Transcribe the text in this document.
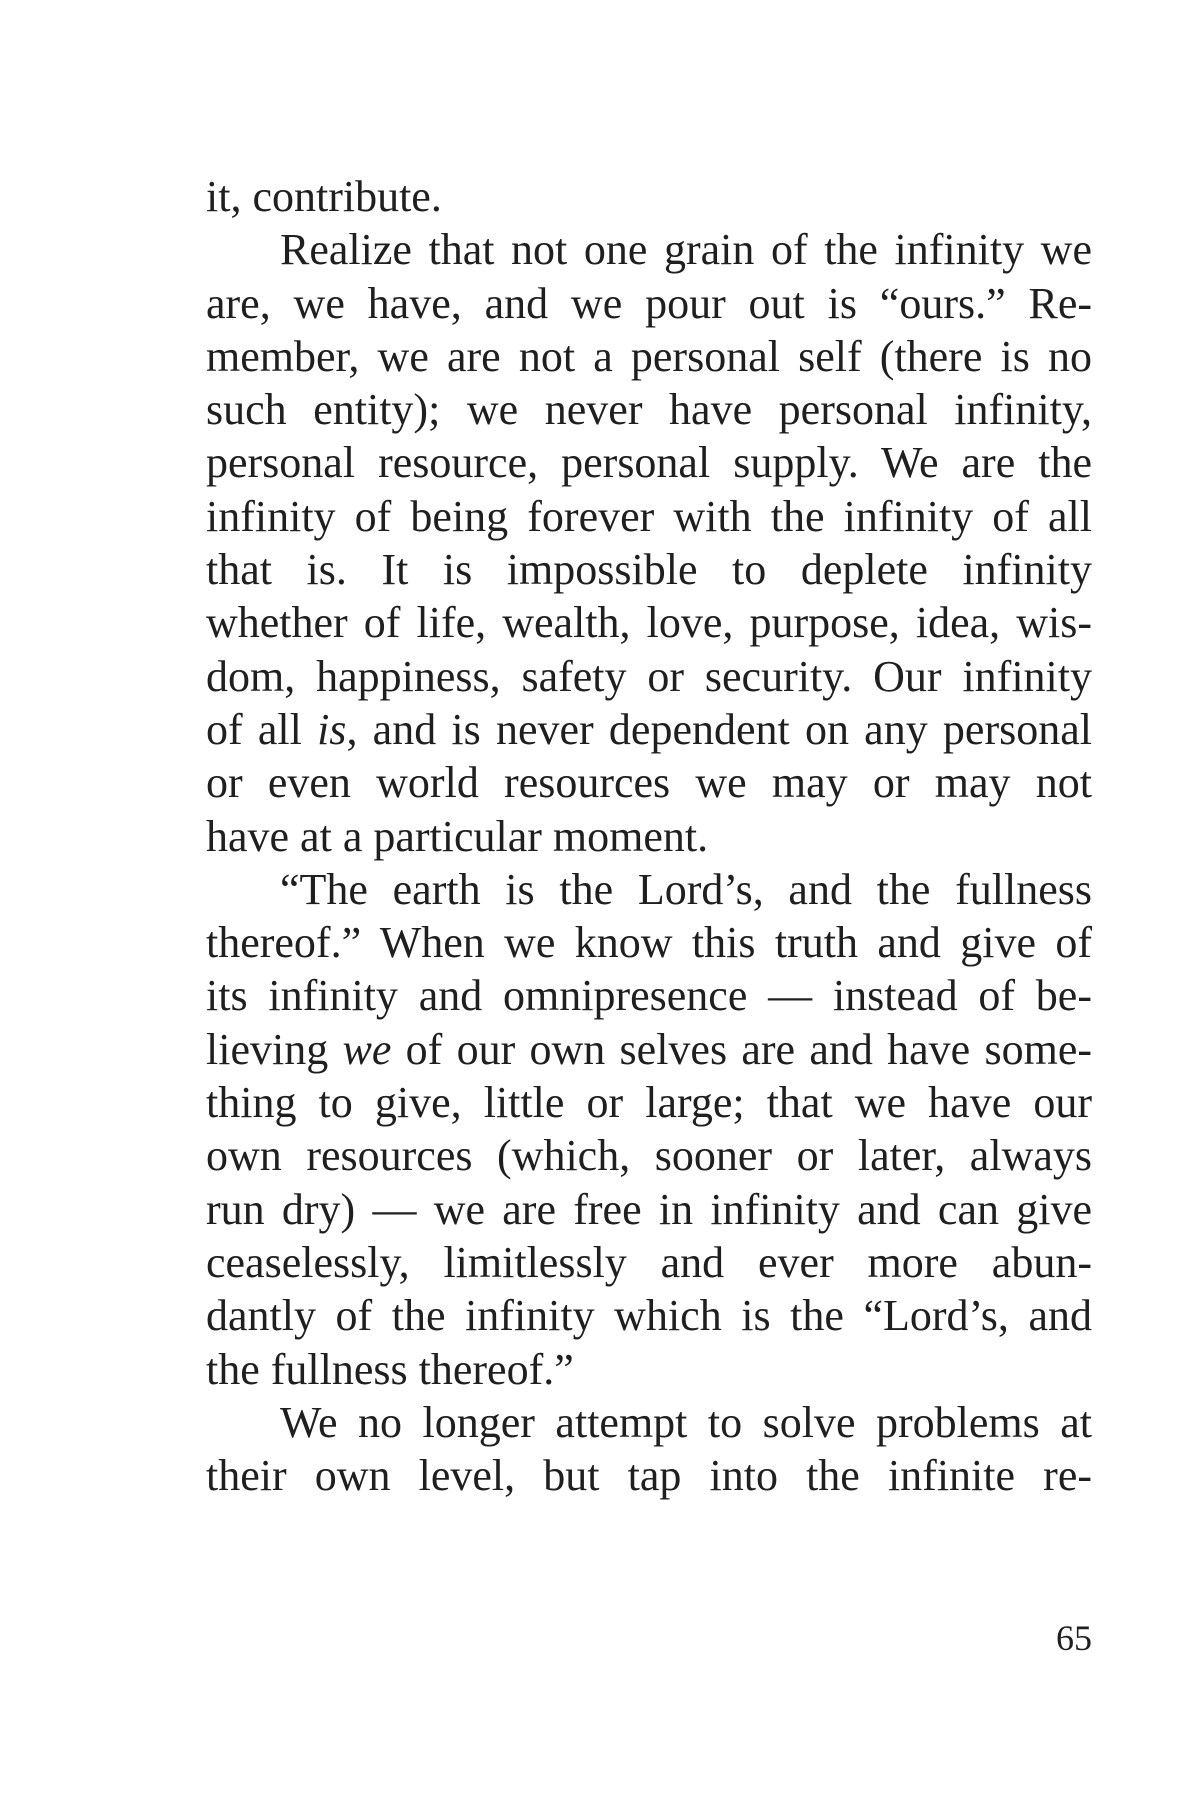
it, contribute.
Realize that not one grain of the infinity we
are, we have, and we pour out is “ours.” Re-
member, we are not a personal self (there is no
such entity); we never have personal infinity,
personal resource, personal supply. We are the
infinity of being forever with the infinity of all
that is. It is impossible to deplete infinity
whether of life, wealth, love, purpose, idea, wis-
dom, happiness, safety or security. Our infinity
of all is, and is never dependent on any personal
or even world resources we may or may not
have at a particular moment.
“The earth is the Lord’s, and the fullness
thereof.” When we know this truth and give of
its infinity and omnipresence — instead of be-
lieving we of our own selves are and have some-
thing to give, little or large; that we have our
own resources (which, sooner or later, always
run dry) — we are free in infinity and can give
ceaselessly, limitlessly and ever more abun-
dantly of the infinity which is the “Lord’s, and
the fullness thereof.”
We no longer attempt to solve problems at
their own level, but tap into the infinite re-
65
